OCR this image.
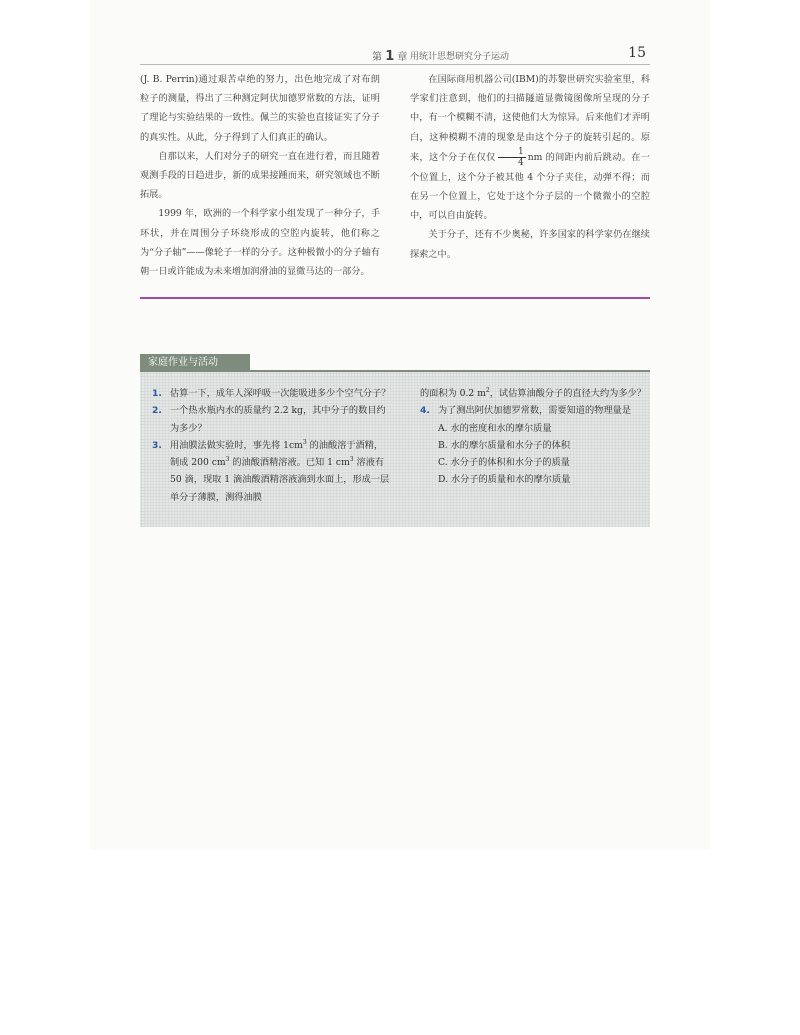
第 1 章 用统计思想研究分子运动	15

(J. B. Perrin)通过艰苦卓绝的努力，出色地完成了对布朗粒子的测量，得出了三种测定阿伏加德罗常数的方法，证明了理论与实验结果的一致性。佩兰的实验也直接证实了分子的真实性。从此，分子得到了人们真正的确认。

自那以来，人们对分子的研究一直在进行着，而且随着观测手段的日趋进步，新的成果接踵而来，研究领域也不断拓展。

1999 年，欧洲的一个科学家小组发现了一种分子，手环状，并在周围分子环绕形成的空腔内旋转，他们称之为“分子轴”——像轮子一样的分子。这种极微小的分子轴有朝一日或许能成为未来增加润滑油的显微马达的一部分。

在国际商用机器公司(IBM)的苏黎世研究实验室里，科学家们注意到，他们的扫描隧道显微镜图像所呈现的分子中，有一个模糊不清，这使他们大为惊异。后来他们才弄明白，这种模糊不清的现象是由这个分子的旋转引起的。原来，这个分子在仅仅 $\frac{1}{4}$ nm 的间距内前后跳动。在一个位置上，这个分子被其他 4 个分子夹住，动弹不得；而在另一个位置上，它处于这个分子层的一个微微小的空腔中，可以自由旋转。

关于分子，还有不少奥秘，许多国家的科学家仍在继续探索之中。

家庭作业与活动

1. 估算一下，成年人深呼吸一次能吸进多少个空气分子？

2. 一个热水瓶内水的质量约 2.2 kg，其中分子的数目约为多少？

3. 用油膜法做实验时，事先将 $1cm^3$ 的油酸溶于酒精，制成 200 $cm^3$ 的油酸酒精溶液。已知 1 $cm^3$ 溶液有 50 滴，现取 1 滴油酸酒精溶液滴到水面上，形成一层单分子薄膜，测得油膜

的面积为 0.2 $m^2$，试估算油酸分子的直径大约为多少？

4. 为了测出阿伏加德罗常数，需要知道的物理量是

A. 水的密度和水的摩尔质量

B. 水的摩尔质量和水分子的体积

C. 水分子的体积和水分子的质量

D. 水分子的质量和水的摩尔质量
